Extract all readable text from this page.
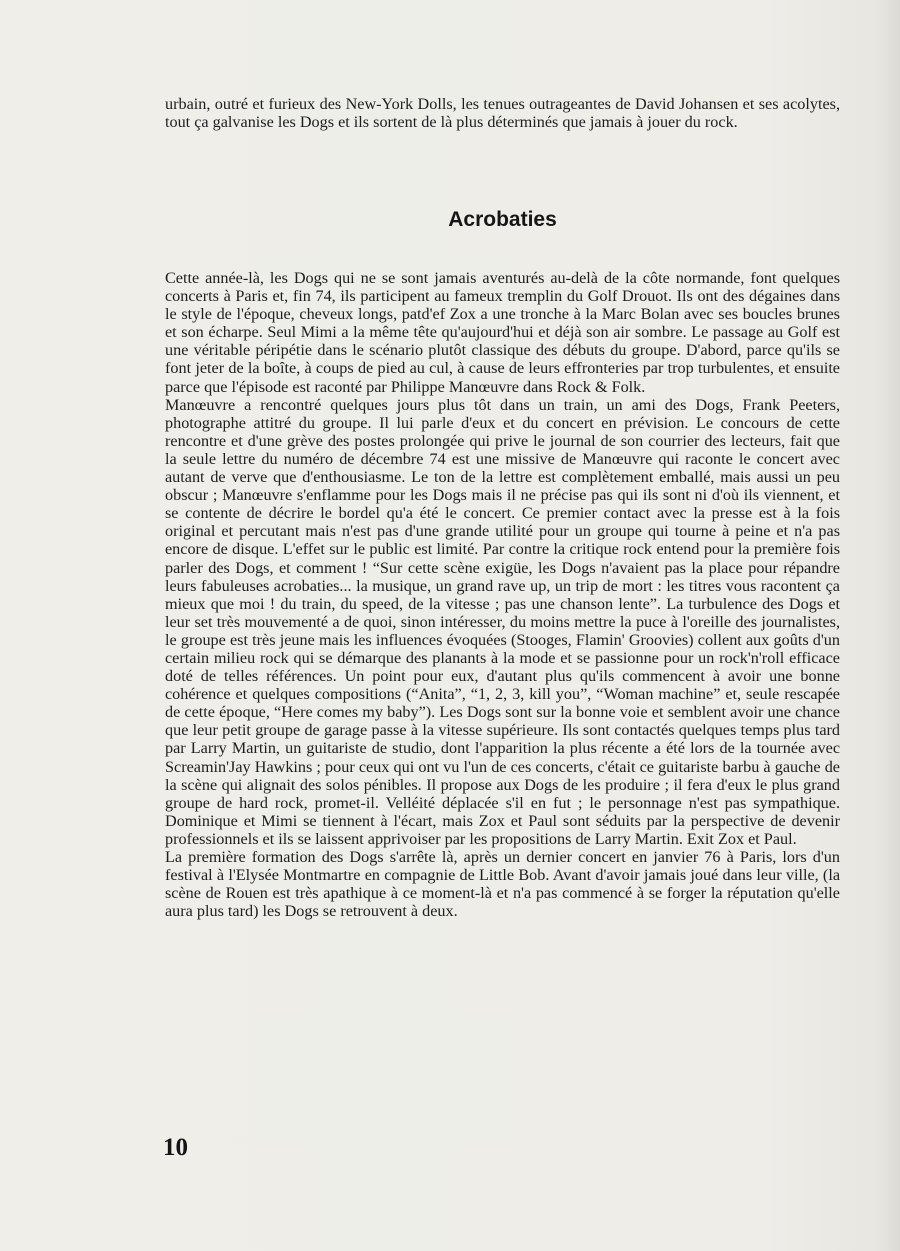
urbain, outré et furieux des New-York Dolls, les tenues outrageantes de David Johansen et ses acolytes, tout ça galvanise les Dogs et ils sortent de là plus déterminés que jamais à jouer du rock.
Acrobaties

Cette année-là, les Dogs qui ne se sont jamais aventurés au-delà de la côte normande, font quelques concerts à Paris et, fin 74, ils participent au fameux tremplin du Golf Drouot. Ils ont des dégaines dans le style de l'époque, cheveux longs, patd'ef Zox a une tronche à la Marc Bolan avec ses boucles brunes et son écharpe. Seul Mimi a la même tête qu'aujourd'hui et déjà son air sombre. Le passage au Golf est une véritable péripétie dans le scénario plutôt classique des débuts du groupe. D'abord, parce qu'ils se font jeter de la boîte, à coups de pied au cul, à cause de leurs effronteries par trop turbulentes, et ensuite parce que l'épisode est raconté par Philippe Manœuvre dans Rock & Folk.

Manœuvre a rencontré quelques jours plus tôt dans un train, un ami des Dogs, Frank Peeters, photographe attitré du groupe. Il lui parle d'eux et du concert en prévision. Le concours de cette rencontre et d'une grève des postes prolongée qui prive le journal de son courrier des lecteurs, fait que la seule lettre du numéro de décembre 74 est une missive de Manœuvre qui raconte le concert avec autant de verve que d'enthousiasme. Le ton de la lettre est complètement emballé, mais aussi un peu obscur ; Manœuvre s'enflamme pour les Dogs mais il ne précise pas qui ils sont ni d'où ils viennent, et se contente de décrire le bordel qu'a été le concert. Ce premier contact avec la presse est à la fois original et percutant mais n'est pas d'une grande utilité pour un groupe qui tourne à peine et n'a pas encore de disque. L'effet sur le public est limité. Par contre la critique rock entend pour la première fois parler des Dogs, et comment ! “Sur cette scène exigüe, les Dogs n'avaient pas la place pour répandre leurs fabuleuses acrobaties... la musique, un grand rave up, un trip de mort : les titres vous racontent ça mieux que moi ! du train, du speed, de la vitesse ; pas une chanson lente”. La turbulence des Dogs et leur set très mouvementé a de quoi, sinon intéresser, du moins mettre la puce à l'oreille des journalistes, le groupe est très jeune mais les influences évoquées (Stooges, Flamin' Groovies) collent aux goûts d'un certain milieu rock qui se démarque des planants à la mode et se passionne pour un rock'n'roll efficace doté de telles références. Un point pour eux, d'autant plus qu'ils commencent à avoir une bonne cohérence et quelques compositions (“Anita”, “1, 2, 3, kill you”, “Woman machine” et, seule rescapée de cette époque, “Here comes my baby”). Les Dogs sont sur la bonne voie et semblent avoir une chance que leur petit groupe de garage passe à la vitesse supérieure. Ils sont contactés quelques temps plus tard par Larry Martin, un guitariste de studio, dont l'apparition la plus récente a été lors de la tournée avec Screamin'Jay Hawkins ; pour ceux qui ont vu l'un de ces concerts, c'était ce guitariste barbu à gauche de la scène qui alignait des solos pénibles. Il propose aux Dogs de les produire ; il fera d'eux le plus grand groupe de hard rock, promet-il. Velléité déplacée s'il en fut ; le personnage n'est pas sympathique. Dominique et Mimi se tiennent à l'écart, mais Zox et Paul sont séduits par la perspective de devenir professionnels et ils se laissent apprivoiser par les propositions de Larry Martin. Exit Zox et Paul.

La première formation des Dogs s'arrête là, après un dernier concert en janvier 76 à Paris, lors d'un festival à l'Elysée Montmartre en compagnie de Little Bob. Avant d'avoir jamais joué dans leur ville, (la scène de Rouen est très apathique à ce moment-là et n'a pas commencé à se forger la réputation qu'elle aura plus tard) les Dogs se retrouvent à deux.

10
